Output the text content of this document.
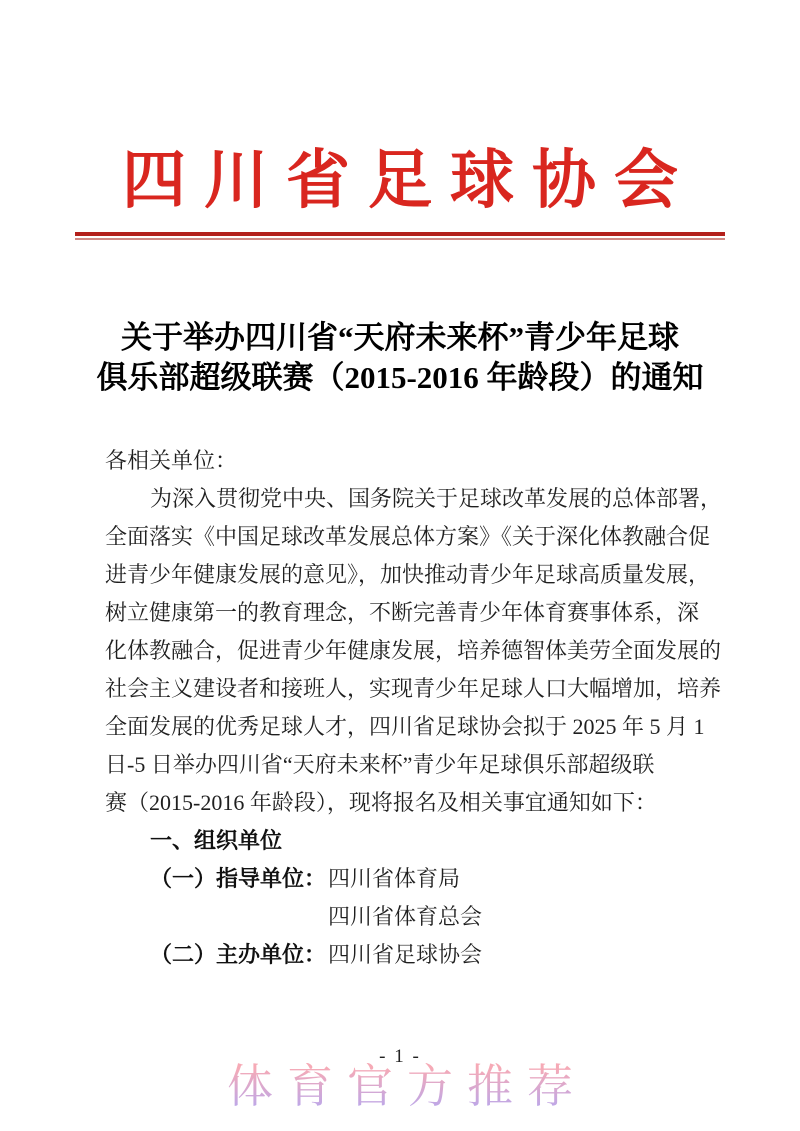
四川省足球协会
关于举办四川省“天府未来杯”青少年足球
俱乐部超级联赛（2015-2016 年龄段）的通知
各相关单位：
为深入贯彻党中央、国务院关于足球改革发展的总体部署，
全面落实《中国足球改革发展总体方案》《关于深化体教融合促
进青少年健康发展的意见》，加快推动青少年足球高质量发展，
树立健康第一的教育理念，不断完善青少年体育赛事体系，深
化体教融合，促进青少年健康发展，培养德智体美劳全面发展的
社会主义建设者和接班人，实现青少年足球人口大幅增加，培养
全面发展的优秀足球人才，四川省足球协会拟于 2025 年 5 月 1
日-5 日举办四川省“天府未来杯”青少年足球俱乐部超级联
赛（2015-2016 年龄段），现将报名及相关事宜通知如下：
一、组织单位
（一）指导单位：四川省体育局
四川省体育总会
（二）主办单位：四川省足球协会
体育官方推荐
- 1 -
